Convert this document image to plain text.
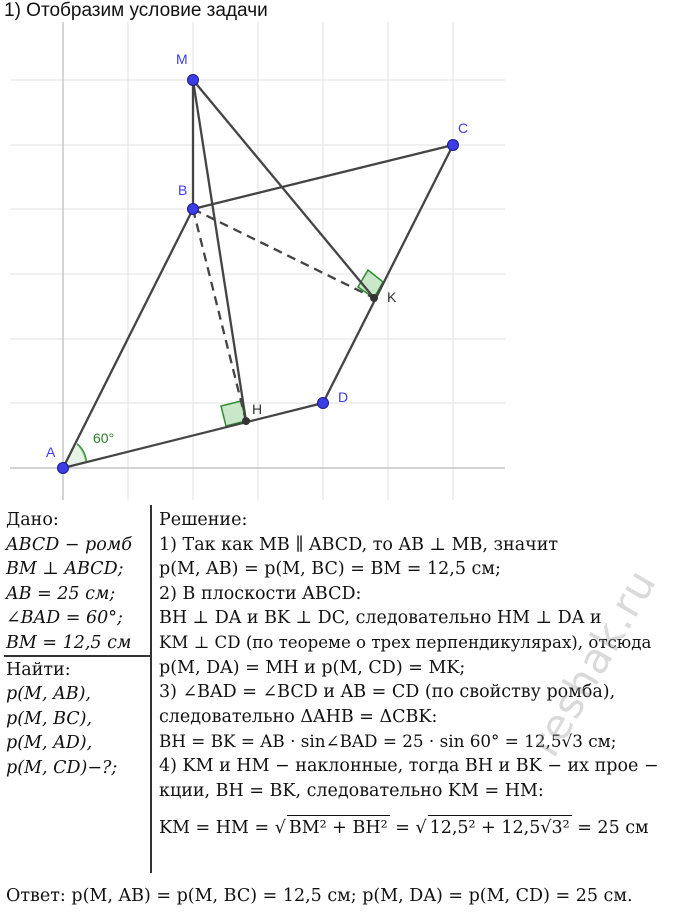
1) Отобразим условие задачи
M
B
C
D
A
H
K
60°
Дано:
ABCD − ромб
BM ⊥ ABCD;
AB = 25 см;
∠BAD = 60°;
BM = 12,5 см
Найти:
p(M, AB),
p(M, BC),
p(M, AD),
p(M, CD)−?;
Решение:
1) Так как MB ∥ ABCD, то AB ⊥ MB, значит
p(M, AB) = p(M, BC) = BM = 12,5 см;
2) В плоскости ABCD:
BH ⊥ DA и BK ⊥ DC, следовательно HM ⊥ DA и
KM ⊥ CD (по теореме о трех перпендикулярах), отсюда
p(M, DA) = MH и p(M, CD) = MK;
3) ∠BAD = ∠BCD и AB = CD (по свойству ромба),
следовательно ΔAHB = ΔCBK:
BH = BK = AB · sin∠BAD = 25 · sin 60° = 12,5√3 см;
4) KM и HM − наклонные, тогда BH и BK − их прое −
кции, BH = BK, следовательно KM = HM:
KM = HM = √ BM² + BH² = √ 12,5² + 12,5√3² = 25 см
Ответ: p(M, AB) = p(M, BC) = 12,5 см; p(M, DA) = p(M, CD) = 25 см.
reshak.ru
